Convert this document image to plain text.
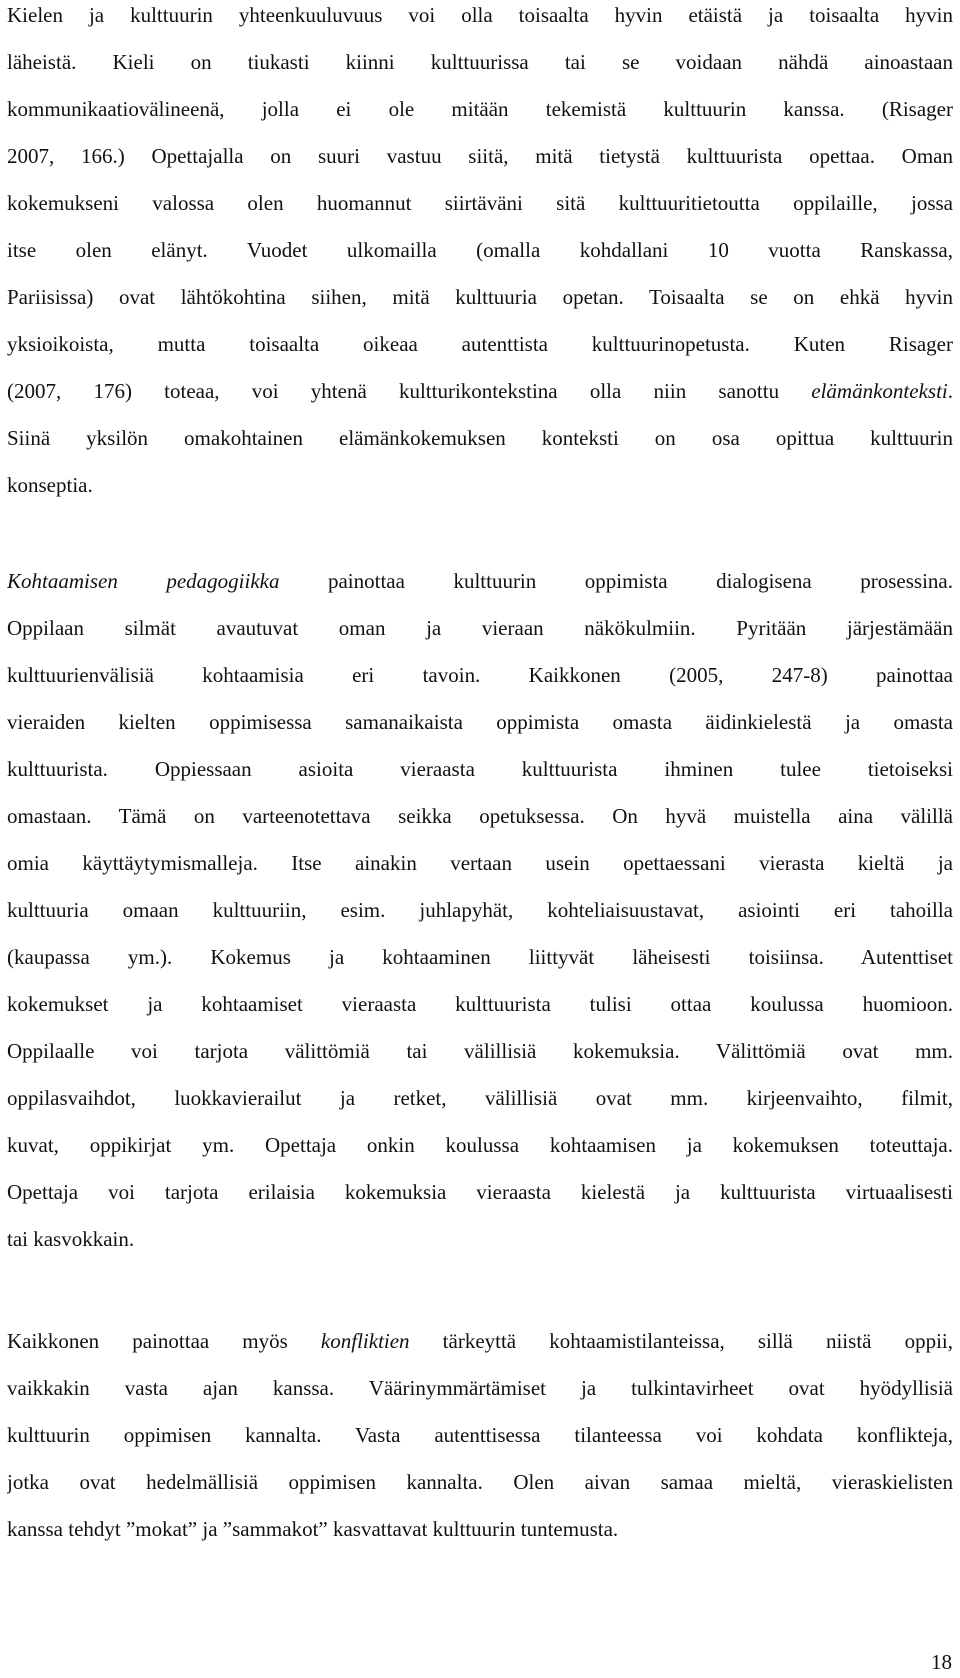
Kielen ja kulttuurin yhteenkuuluvuus voi olla toisaalta hyvin etäistä ja toisaalta hyvin
läheistä. Kieli on tiukasti kiinni kulttuurissa tai se voidaan nähdä ainoastaan
kommunikaatiovälineenä, jolla ei ole mitään tekemistä kulttuurin kanssa. (Risager
2007, 166.) Opettajalla on suuri vastuu siitä, mitä tietystä kulttuurista opettaa. Oman
kokemukseni valossa olen huomannut siirtäväni sitä kulttuuritietoutta oppilaille, jossa
itse olen elänyt. Vuodet ulkomailla (omalla kohdallani 10 vuotta Ranskassa,
Pariisissa) ovat lähtökohtina siihen, mitä kulttuuria opetan. Toisaalta se on ehkä hyvin
yksioikoista, mutta toisaalta oikeaa autenttista kulttuurinopetusta. Kuten Risager
(2007, 176) toteaa, voi yhtenä kultturikontekstina olla niin sanottu elämänkonteksti.
Siinä yksilön omakohtainen elämänkokemuksen konteksti on osa opittua kulttuurin
konseptia.
Kohtaamisen pedagogiikka painottaa kulttuurin oppimista dialogisena prosessina.
Oppilaan silmät avautuvat oman ja vieraan näkökulmiin. Pyritään järjestämään
kulttuurienvälisiä kohtaamisia eri tavoin. Kaikkonen (2005, 247-8) painottaa
vieraiden kielten oppimisessa samanaikaista oppimista omasta äidinkielestä ja omasta
kulttuurista. Oppiessaan asioita vieraasta kulttuurista ihminen tulee tietoiseksi
omastaan. Tämä on varteenotettava seikka opetuksessa. On hyvä muistella aina välillä
omia käyttäytymismalleja. Itse ainakin vertaan usein opettaessani vierasta kieltä ja
kulttuuria omaan kulttuuriin, esim. juhlapyhät, kohteliaisuustavat, asiointi eri tahoilla
(kaupassa ym.). Kokemus ja kohtaaminen liittyvät läheisesti toisiinsa. Autenttiset
kokemukset ja kohtaamiset vieraasta kulttuurista tulisi ottaa koulussa huomioon.
Oppilaalle voi tarjota välittömiä tai välillisiä kokemuksia. Välittömiä ovat mm.
oppilasvaihdot, luokkavierailut ja retket, välillisiä ovat mm. kirjeenvaihto, filmit,
kuvat, oppikirjat ym. Opettaja onkin koulussa kohtaamisen ja kokemuksen toteuttaja.
Opettaja voi tarjota erilaisia kokemuksia vieraasta kielestä ja kulttuurista virtuaalisesti
tai kasvokkain.
Kaikkonen painottaa myös konfliktien tärkeyttä kohtaamistilanteissa, sillä niistä oppii,
vaikkakin vasta ajan kanssa. Väärinymmärtämiset ja tulkintavirheet ovat hyödyllisiä
kulttuurin oppimisen kannalta. Vasta autenttisessa tilanteessa voi kohdata konflikteja,
jotka ovat hedelmällisiä oppimisen kannalta. Olen aivan samaa mieltä, vieraskielisten
kanssa tehdyt ”mokat” ja ”sammakot” kasvattavat kulttuurin tuntemusta.
18
